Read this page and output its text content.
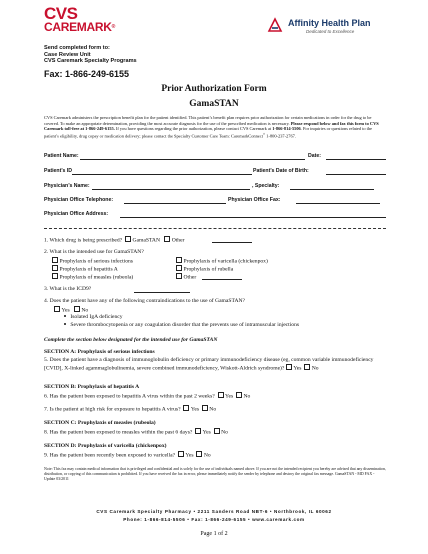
CVS
CAREMARK®	Affinity Health Plan
Dedicated to Excellence
Send completed form to:
Case Review Unit
CVS Caremark Specialty Programs
Fax: 1-866-249-6155
Prior Authorization Form
GamaSTAN
CVS Caremark administers the prescription benefit plan for the patient identified. This patient’s benefit plan requires prior authorization for certain medications in order for the drug to be covered. To make an appropriate determination, providing the most accurate diagnosis for the use of the prescribed medication is necessary. Please respond below and fax this form to CVS Caremark toll-free at 1-866-249-6155. If you have questions regarding the prior authorization, please contact CVS Caremark at 1-866-814-5506. For inquiries or questions related to the patient’s eligibility, drug copay or medication delivery; please contact the Specialty Customer Care Team: CaremarkConnect® 1-800-237-2767.
Patient Name:	Date:
Patient’s ID	Patient’s Date of Birth:
Physician’s Name:	, Specialty:
Physician Office Telephone:	Physician Office Fax:
Physician Office Address:
1. Which drug is being prescribed? GamaSTAN Other
2. What is the intended use for GamaSTAN?
Prophylaxis of serious infections	Prophylaxis of varicella (chickenpox)
Prophylaxis of hepatitis A	Prophylaxis of rubella
Prophylaxis of measles (rubeola)	Other
3. What is the ICD9?
4. Does the patient have any of the following contraindications to the use of GamaSTAN?
Yes No
Isolated IgA deficiency
Severe thrombocytopenia or any coagulation disorder that the prevents use of intramuscular injections
Complete the section below designated for the intended use for GamaSTAN
SECTION A: Prophylaxis of serious infections
5. Does the patient have a diagnosis of immunoglobulin deficiency or primary immunodeficiency disease (eg, common variable immunodeficiency [CVID], X-linked agammaglobulinemia, severe combined immunodeficiency, Wiskott-Aldrich syndrome)? Yes No
SECTION B: Prophylaxis of hepatitis A
6. Has the patient been exposed to hepatitis A virus within the past 2 weeks? Yes No
7. Is the patient at high risk for exposure to hepatitis A virus? Yes No
SECTION C: Prophylaxis of measles (rubeola)
8. Has the patient been exposed to measles within the past 6 days? Yes No
SECTION D: Prophylaxis of varicella (chickenpox)
9. Has the patient been recently been exposed to varicella? Yes No
Note: This fax may contain medical information that is privileged and confidential and is solely for the use of individuals named above. If you are not the intended recipient you hereby are advised that any dissemination, distribution, or copying of this communication is prohibited. If you have received the fax in error, please immediately notify the sender by telephone and destroy the original fax message. GamaSTAN - MD FAX - Update 03/2011
CVS Caremark Specialty Pharmacy • 2211 Sanders Road NBT-6 • Northbrook, IL 60062
Phone: 1-866-814-5506 • Fax: 1-866-249-6155 • www.caremark.com
Page 1 of 2
